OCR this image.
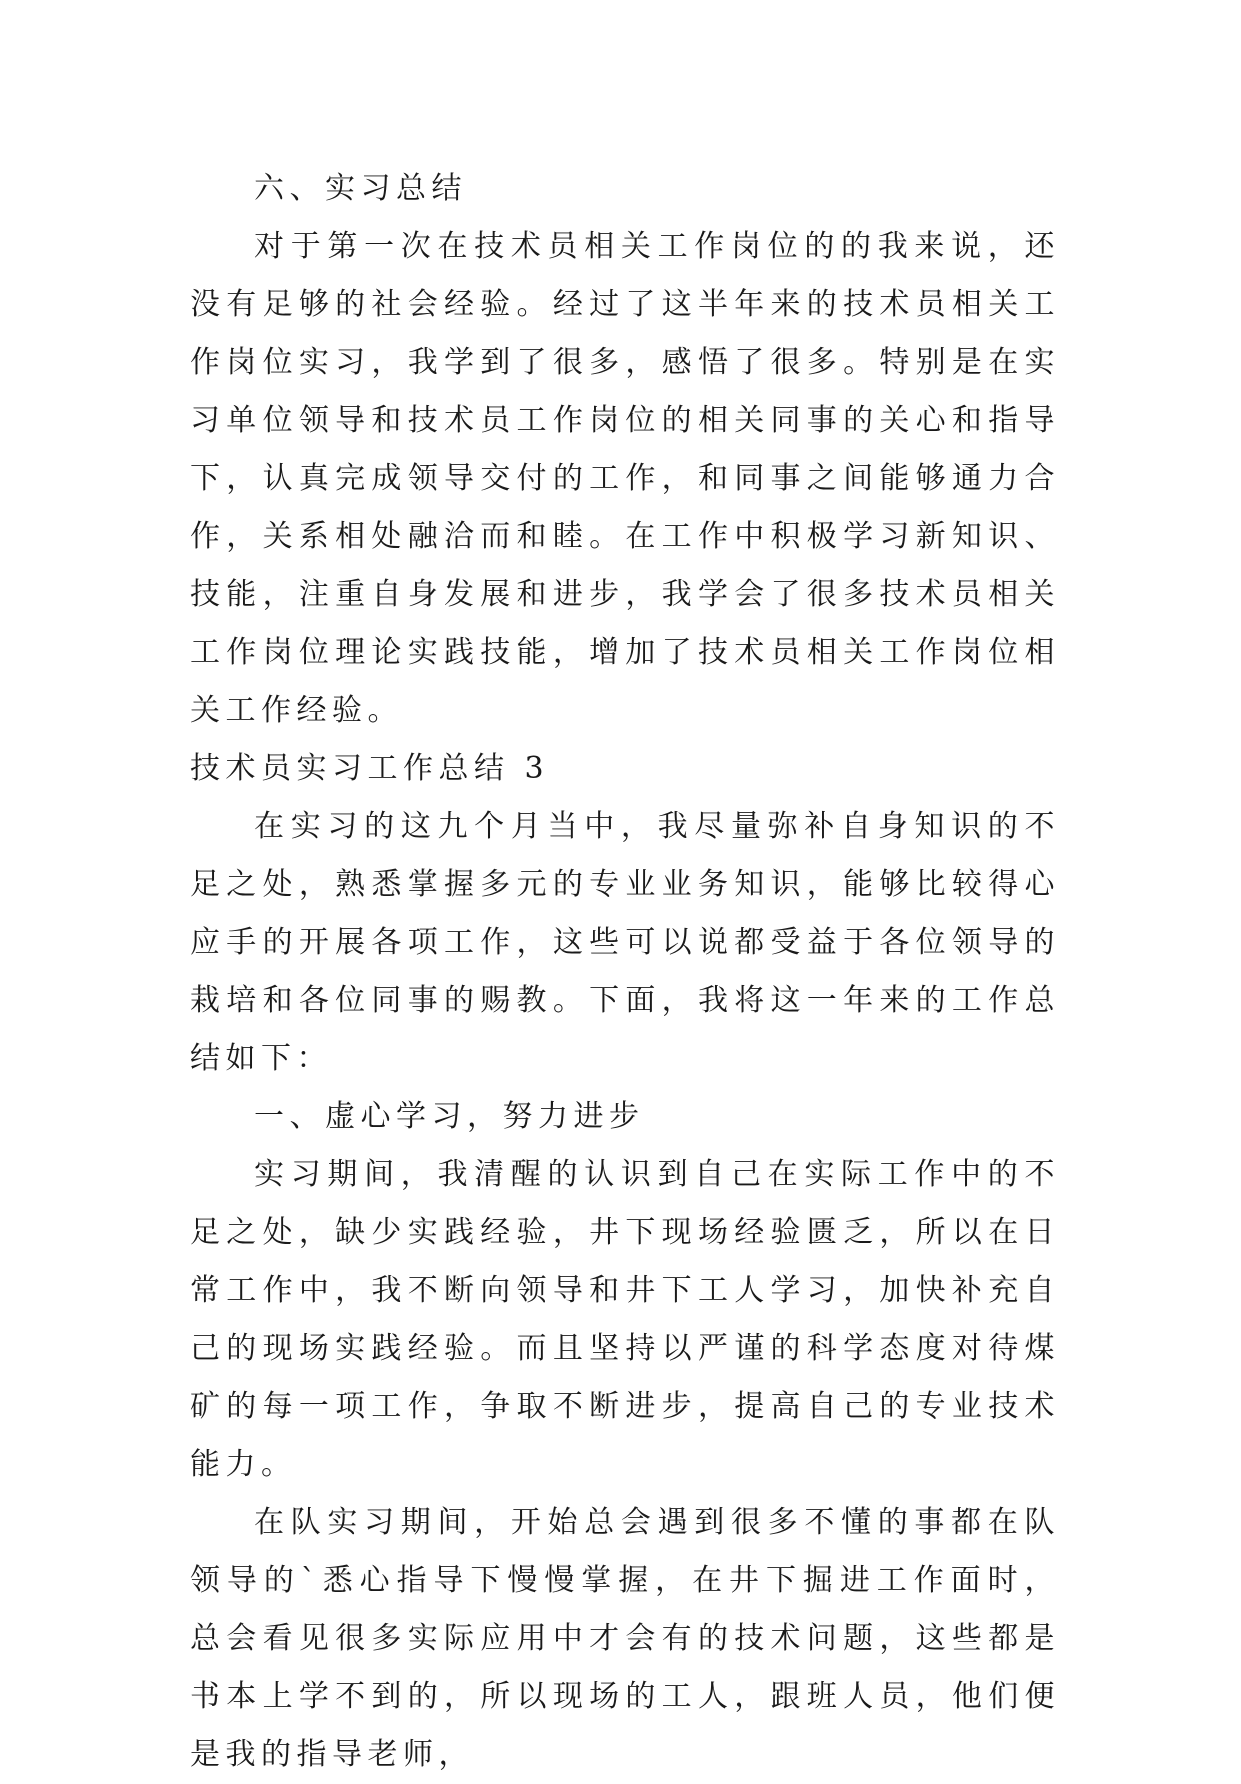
六、实习总结

对于第一次在技术员相关工作岗位的的我来说，还没有足够的社会经验。经过了这半年来的技术员相关工作岗位实习，我学到了很多，感悟了很多。特别是在实习单位领导和技术员工作岗位的相关同事的关心和指导下，认真完成领导交付的工作，和同事之间能够通力合作，关系相处融洽而和睦。在工作中积极学习新知识、技能，注重自身发展和进步，我学会了很多技术员相关工作岗位理论实践技能，增加了技术员相关工作岗位相关工作经验。

技术员实习工作总结 3

在实习的这九个月当中，我尽量弥补自身知识的不足之处，熟悉掌握多元的专业业务知识，能够比较得心应手的开展各项工作，这些可以说都受益于各位领导的栽培和各位同事的赐教。下面，我将这一年来的工作总结如下：

一、虚心学习，努力进步

实习期间，我清醒的认识到自己在实际工作中的不足之处，缺少实践经验，井下现场经验匮乏，所以在日常工作中，我不断向领导和井下工人学习，加快补充自己的现场实践经验。而且坚持以严谨的科学态度对待煤矿的每一项工作，争取不断进步，提高自己的专业技术能力。

在队实习期间，开始总会遇到很多不懂的事都在队领导的`悉心指导下慢慢掌握，在井下掘进工作面时，总会看见很多实际应用中才会有的技术问题，这些都是书本上学不到的，所以现场的工人，跟班人员，他们便是我的指导老师，
